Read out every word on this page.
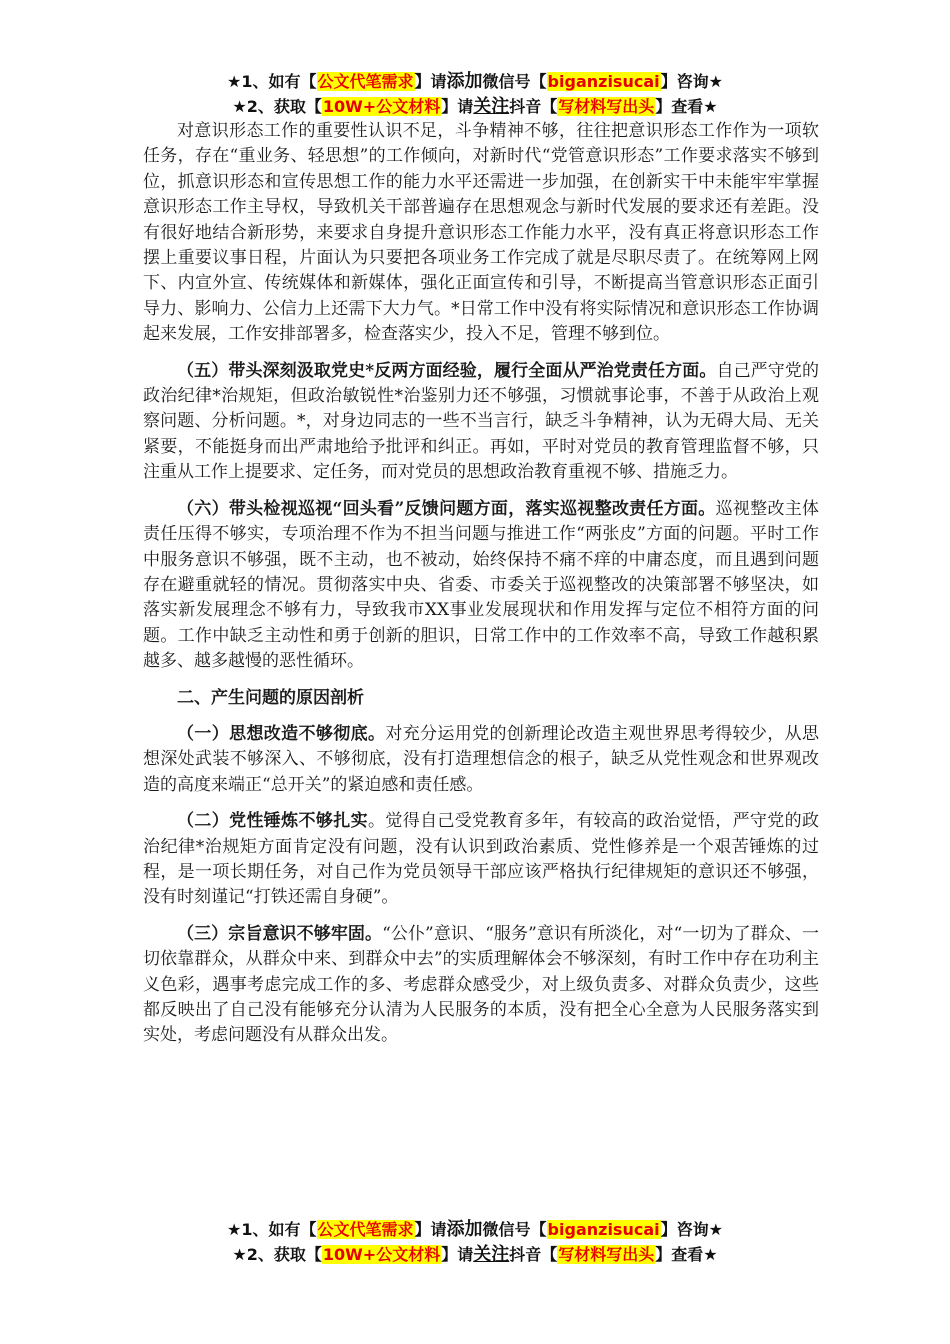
★1、如有【公文代笔需求】请添加微信号【biganzisucai】咨询★
★2、获取【10W+公文材料】请关注抖音【写材料写出头】查看★

对意识形态工作的重要性认识不足，斗争精神不够，往往把意识形态工作作为一项软任务，存在“重业务、轻思想”的工作倾向，对新时代“党管意识形态”工作要求落实不够到位，抓意识形态和宣传思想工作的能力水平还需进一步加强，在创新实干中未能牢牢掌握意识形态工作主导权，导致机关干部普遍存在思想观念与新时代发展的要求还有差距。没有很好地结合新形势，来要求自身提升意识形态工作能力水平，没有真正将意识形态工作摆上重要议事日程，片面认为只要把各项业务工作完成了就是尽职尽责了。在统筹网上网下、内宣外宣、传统媒体和新媒体，强化正面宣传和引导，不断提高当管意识形态正面引导力、影响力、公信力上还需下大力气。*日常工作中没有将实际情况和意识形态工作协调起来发展，工作安排部署多，检查落实少，投入不足，管理不够到位。

（五）带头深刻汲取党史*反两方面经验，履行全面从严治党责任方面。自己严守党的政治纪律*治规矩，但政治敏锐性*治鉴别力还不够强，习惯就事论事，不善于从政治上观察问题、分析问题。*，对身边同志的一些不当言行，缺乏斗争精神，认为无碍大局、无关紧要，不能挺身而出严肃地给予批评和纠正。再如，平时对党员的教育管理监督不够，只注重从工作上提要求、定任务，而对党员的思想政治教育重视不够、措施乏力。

（六）带头检视巡视“回头看”反馈问题方面，落实巡视整改责任方面。巡视整改主体责任压得不够实，专项治理不作为不担当问题与推进工作“两张皮”方面的问题。平时工作中服务意识不够强，既不主动，也不被动，始终保持不痛不痒的中庸态度，而且遇到问题存在避重就轻的情况。贯彻落实中央、省委、市委关于巡视整改的决策部署不够坚决，如落实新发展理念不够有力，导致我市XX事业发展现状和作用发挥与定位不相符方面的问题。工作中缺乏主动性和勇于创新的胆识，日常工作中的工作效率不高，导致工作越积累越多、越多越慢的恶性循环。

二、产生问题的原因剖析

（一）思想改造不够彻底。对充分运用党的创新理论改造主观世界思考得较少，从思想深处武装不够深入、不够彻底，没有打造理想信念的根子，缺乏从党性观念和世界观改造的高度来端正“总开关”的紧迫感和责任感。

（二）党性锤炼不够扎实。觉得自己受党教育多年，有较高的政治觉悟，严守党的政治纪律*治规矩方面肯定没有问题，没有认识到政治素质、党性修养是一个艰苦锤炼的过程，是一项长期任务，对自己作为党员领导干部应该严格执行纪律规矩的意识还不够强，没有时刻谨记“打铁还需自身硬”。

（三）宗旨意识不够牢固。“公仆”意识、“服务”意识有所淡化，对“一切为了群众、一切依靠群众，从群众中来、到群众中去”的实质理解体会不够深刻，有时工作中存在功利主义色彩，遇事考虑完成工作的多、考虑群众感受少，对上级负责多、对群众负责少，这些都反映出了自己没有能够充分认清为人民服务的本质，没有把全心全意为人民服务落实到实处，考虑问题没有从群众出发。

★1、如有【公文代笔需求】请添加微信号【biganzisucai】咨询★
★2、获取【10W+公文材料】请关注抖音【写材料写出头】查看★
